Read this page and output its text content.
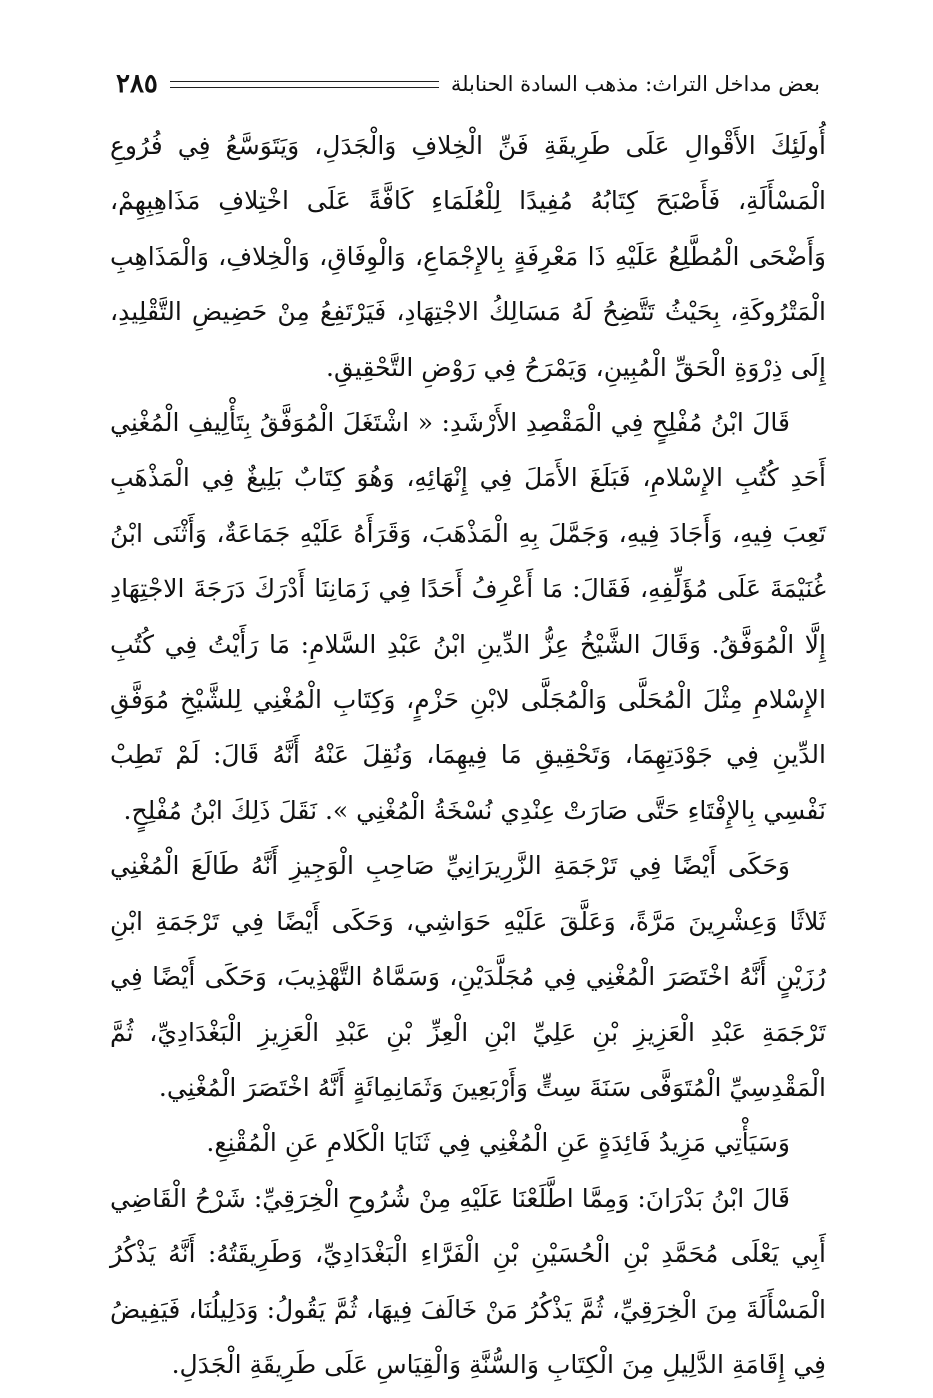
بعض مداخل التراث: مذهب السادة الحنابلة
٢٨٥

أُولَئِكَ الأَقْوالِ عَلَى طَرِيقَةِ فَنِّ الْخِلافِ وَالْجَدَلِ، وَيَتَوَسَّعُ فِي فُرُوعِ الْمَسْأَلَةِ، فَأَصْبَحَ كِتَابُهُ مُفِيدًا لِلْعُلَمَاءِ كَافَّةً عَلَى اخْتِلافِ مَذَاهِبِهِمْ، وَأَضْحَى الْمُطَّلِعُ عَلَيْهِ ذَا مَعْرِفَةٍ بِالإِجْمَاعِ، وَالْوِفَاقِ، وَالْخِلافِ، وَالْمَذَاهِبِ الْمَتْرُوكَةِ، بِحَيْثُ تَتَّضِحُ لَهُ مَسَالِكُ الاجْتِهَادِ، فَيَرْتَفِعُ مِنْ حَضِيضِ التَّقْلِيدِ، إِلَى ذِرْوَةِ الْحَقِّ الْمُبِينِ، وَيَمْرَحُ فِي رَوْضِ التَّحْقِيقِ.

قَالَ ابْنُ مُفْلِحٍ فِي الْمَقْصِدِ الأَرْشَدِ: « اشْتَغَلَ الْمُوَفَّقُ بِتَأْلِيفِ الْمُغْنِي أَحَدِ كُتُبِ الإِسْلامِ، فَبَلَغَ الأَمَلَ فِي إِنْهَائِهِ، وَهُوَ كِتَابٌ بَلِيغٌ فِي الْمَذْهَبِ تَعِبَ فِيهِ، وَأَجَادَ فِيهِ، وَجَمَّلَ بِهِ الْمَذْهَبَ، وَقَرَأَهُ عَلَيْهِ جَمَاعَةٌ، وَأَثْنَى ابْنُ غُنَيْمَةَ عَلَى مُؤَلِّفِهِ، فَقَالَ: مَا أَعْرِفُ أَحَدًا فِي زَمَانِنَا أَدْرَكَ دَرَجَةَ الاجْتِهَادِ إِلَّا الْمُوَفَّقُ. وَقَالَ الشَّيْخُ عِزُّ الدِّينِ ابْنُ عَبْدِ السَّلامِ: مَا رَأَيْتُ فِي كُتُبِ الإِسْلامِ مِثْلَ الْمُحَلَّى وَالْمُجَلَّى لابْنِ حَزْمٍ، وَكِتَابِ الْمُغْنِي لِلشَّيْخِ مُوَفَّقِ الدِّينِ فِي جَوْدَتِهِمَا، وَتَحْقِيقِ مَا فِيهِمَا، وَنُقِلَ عَنْهُ أَنَّهُ قَالَ: لَمْ تَطِبْ نَفْسِي بِالإِفْتَاءِ حَتَّى صَارَتْ عِنْدِي نُسْخَةُ الْمُغْنِي ». نَقَلَ ذَلِكَ ابْنُ مُفْلِحٍ.

وَحَكَى أَيْضًا فِي تَرْجَمَةِ الزَّرِيرَانِيِّ صَاحِبِ الْوَجِيزِ أَنَّهُ طَالَعَ الْمُغْنِي ثَلاثًا وَعِشْرِينَ مَرَّةً، وَعَلَّقَ عَلَيْهِ حَوَاشِي، وَحَكَى أَيْضًا فِي تَرْجَمَةِ ابْنِ رُزَيْنٍ أَنَّهُ اخْتَصَرَ الْمُغْنِي فِي مُجَلَّدَيْنِ، وَسَمَّاهُ التَّهْذِيبَ، وَحَكَى أَيْضًا فِي تَرْجَمَةِ عَبْدِ الْعَزِيزِ بْنِ عَلِيِّ ابْنِ الْعِزِّ بْنِ عَبْدِ الْعَزِيزِ الْبَغْدَادِيِّ، ثُمَّ الْمَقْدِسِيِّ الْمُتَوَفَّى سَنَةَ سِتٍّ وَأَرْبَعِينَ وَثَمَانِمِائَةٍ أَنَّهُ اخْتَصَرَ الْمُغْنِي.

وَسَيَأْتِي مَزِيدُ فَائِدَةٍ عَنِ الْمُغْنِي فِي ثَنَايَا الْكَلامِ عَنِ الْمُقْنِعِ.

قَالَ ابْنُ بَدْرَانَ: وَمِمَّا اطَّلَعْنَا عَلَيْهِ مِنْ شُرُوحِ الْخِرَقِيِّ: شَرْحُ الْقَاضِي أَبِي يَعْلَى مُحَمَّدِ بْنِ الْحُسَيْنِ بْنِ الْفَرَّاءِ الْبَغْدَادِيِّ، وَطَرِيقَتُهُ: أَنَّهُ يَذْكُرُ الْمَسْأَلَةَ مِنَ الْخِرَقِيِّ، ثُمَّ يَذْكُرُ مَنْ خَالَفَ فِيهَا، ثُمَّ يَقُولُ: وَدَلِيلُنَا، فَيَفِيضُ فِي إِقَامَةِ الدَّلِيلِ مِنَ الْكِتَابِ وَالسُّنَّةِ وَالْقِيَاسِ عَلَى طَرِيقَةِ الْجَدَلِ.
